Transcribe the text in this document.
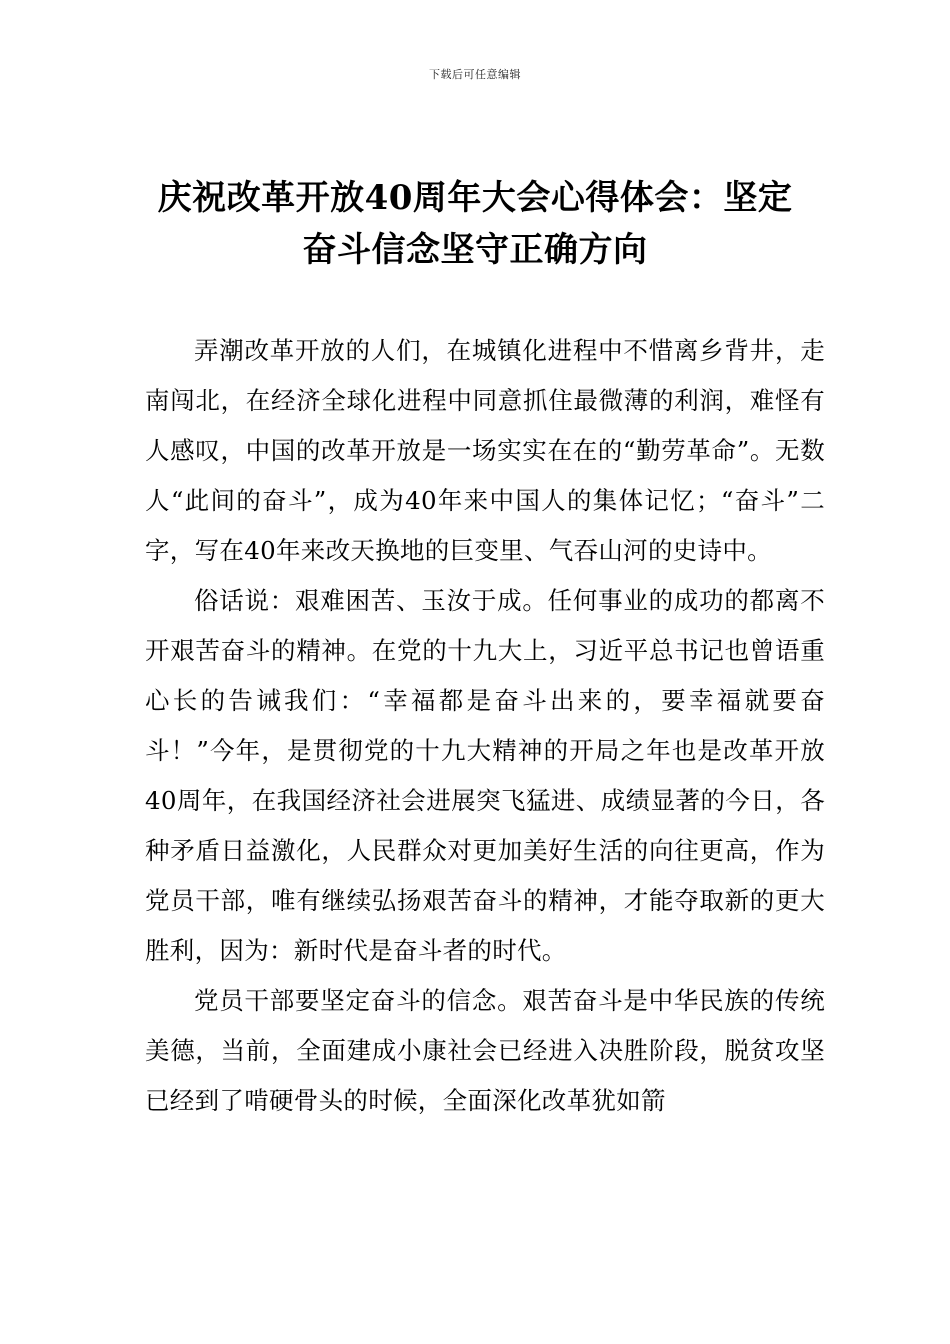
下载后可任意编辑
庆祝改革开放40周年大会心得体会：坚定
奋斗信念坚守正确方向

弄潮改革开放的人们，在城镇化进程中不惜离乡背井，走南闯北，在经济全球化进程中同意抓住最微薄的利润，难怪有人感叹，中国的改革开放是一场实实在在的“勤劳革命”。无数人“此间的奋斗”，成为40年来中国人的集体记忆；“奋斗”二字，写在40年来改天换地的巨变里、气吞山河的史诗中。

俗话说：艰难困苦、玉汝于成。任何事业的成功的都离不开艰苦奋斗的精神。在党的十九大上，习近平总书记也曾语重心长的告诫我们：“幸福都是奋斗出来的，要幸福就要奋斗！”今年，是贯彻党的十九大精神的开局之年也是改革开放40周年，在我国经济社会进展突飞猛进、成绩显著的今日，各种矛盾日益激化，人民群众对更加美好生活的向往更高，作为党员干部，唯有继续弘扬艰苦奋斗的精神，才能夺取新的更大胜利，因为：新时代是奋斗者的时代。

党员干部要坚定奋斗的信念。艰苦奋斗是中华民族的传统美德，当前，全面建成小康社会已经进入决胜阶段，脱贫攻坚已经到了啃硬骨头的时候，全面深化改革犹如箭
